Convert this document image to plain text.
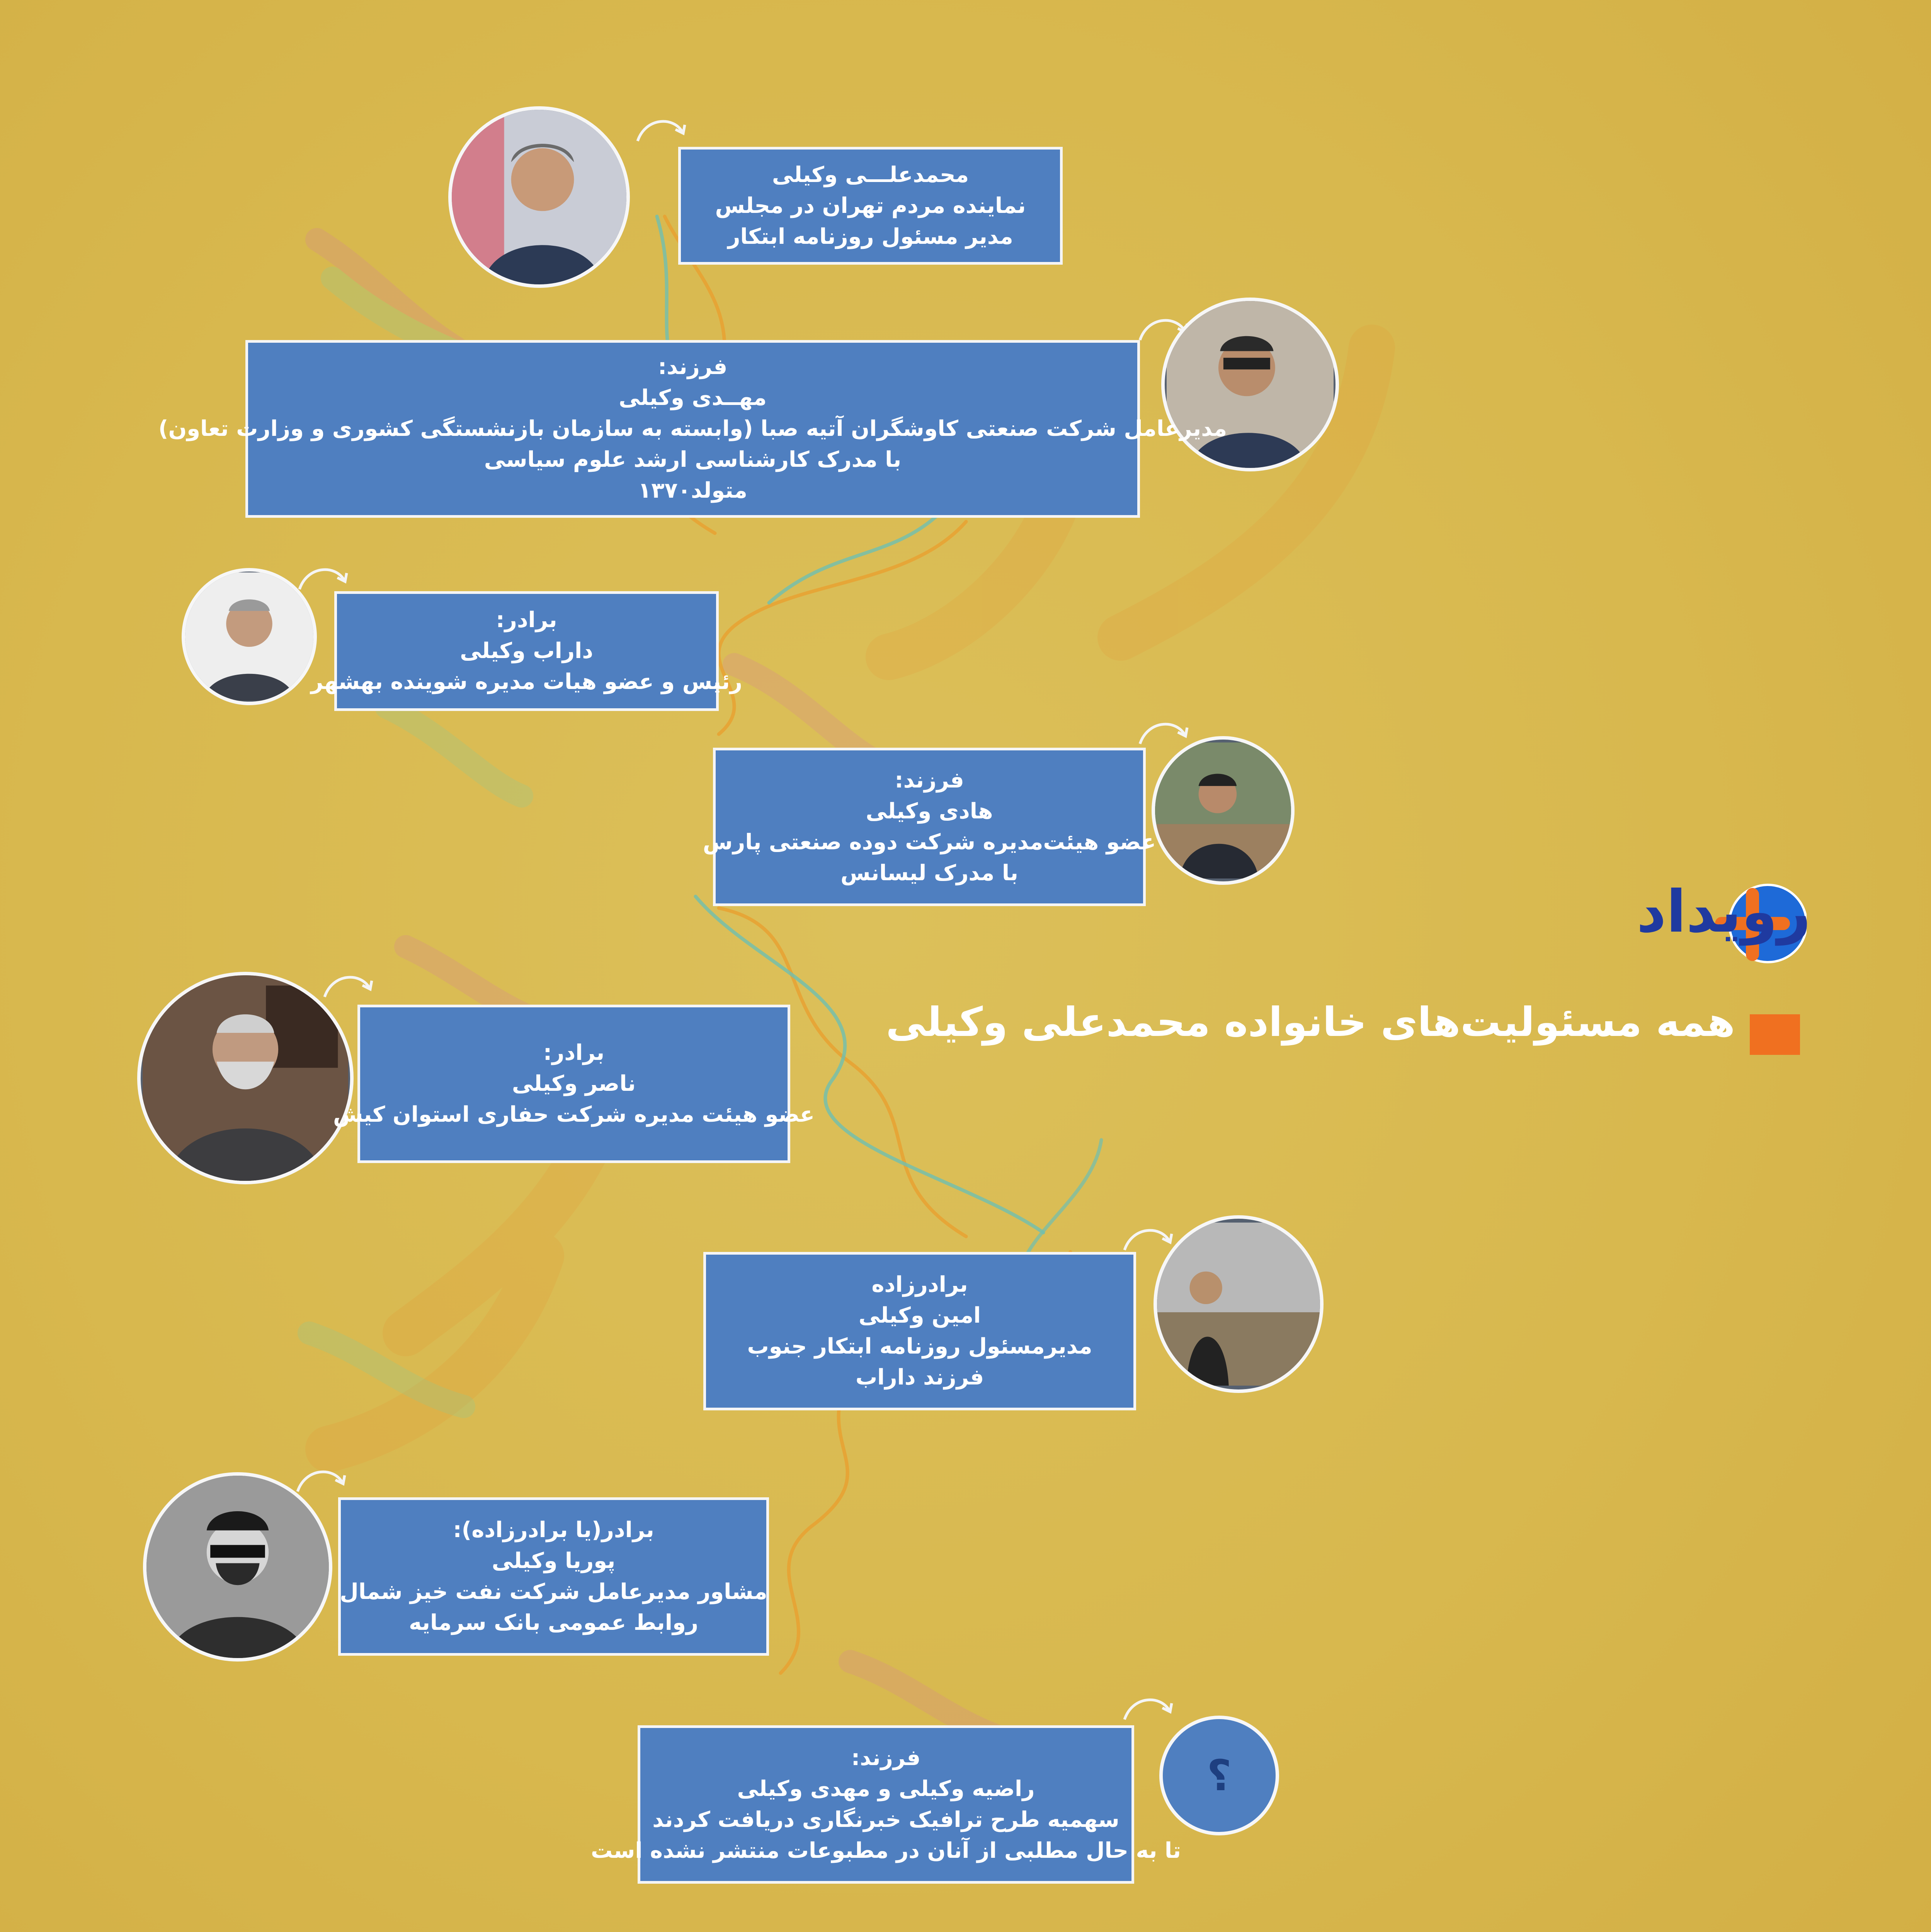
همه مسئولیت‌های خانواده محمدعلی وکیلی
رویداد
؟
محمدعلـــی وکیلی
نماینده مردم تهران در مجلس
مدیر مسئول روزنامه ابتکار
فرزند:
مهــدی وکیلی
مدیرعامل شرکت صنعتی کاوشگران آتیه صبا (وابسته به سازمان بازنشستگی کشوری و وزارت تعاون)
با مدرک کارشناسی ارشد علوم سیاسی
متولد۱۳۷۰
برادر:
داراب وکیلی
رئیس و عضو هیات مدیره شوینده بهشهر
فرزند:
هادی وکیلی
عضو هیئت‌مدیره شرکت دوده صنعتی پارس
با مدرک لیسانس
برادر:
ناصر وکیلی
عضو هیئت مدیره شرکت حفاری استوان کیش
برادرزاده
امین وکیلی
مدیرمسئول روزنامه ابتکار جنوب
فرزند داراب
برادر(یا برادرزاده):
پوریا وکیلی
مشاور مدیرعامل شرکت نفت خیز شمال
روابط عمومی بانک سرمایه
فرزند:
راضیه وکیلی و مهدی وکیلی
سهمیه طرح ترافیک خبرنگاری دریافت کردند
تا به حال مطلبی از آنان در مطبوعات منتشر نشده است
